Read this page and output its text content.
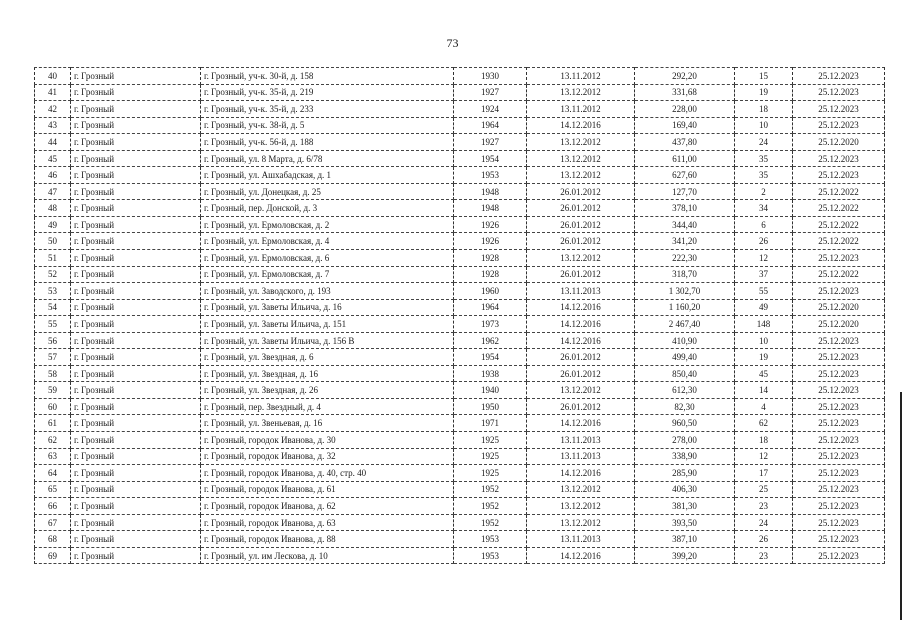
73
40	г. Грозный	г. Грозный, уч-к. 30-й, д. 158	1930	13.11.2012	292,20	15	25.12.2023
41	г. Грозный	г. Грозный, уч-к. 35-й, д. 219	1927	13.12.2012	331,68	19	25.12.2023
42	г. Грозный	г. Грозный, уч-к. 35-й, д. 233	1924	13.11.2012	228,00	18	25.12.2023
43	г. Грозный	г. Грозный, уч-к. 38-й, д. 5	1964	14.12.2016	169,40	10	25.12.2023
44	г. Грозный	г. Грозный, уч-к. 56-й, д. 188	1927	13.12.2012	437,80	24	25.12.2020
45	г. Грозный	г. Грозный, ул. 8 Марта, д. 6/78	1954	13.12.2012	611,00	35	25.12.2023
46	г. Грозный	г. Грозный, ул. Ашхабадская, д. 1	1953	13.12.2012	627,60	35	25.12.2023
47	г. Грозный	г. Грозный, ул. Донецкая, д. 25	1948	26.01.2012	127,70	2	25.12.2022
48	г. Грозный	г. Грозный, пер. Донской, д. 3	1948	26.01.2012	378,10	34	25.12.2022
49	г. Грозный	г. Грозный, ул. Ермоловская, д. 2	1926	26.01.2012	344,40	6	25.12.2022
50	г. Грозный	г. Грозный, ул. Ермоловская, д. 4	1926	26.01.2012	341,20	26	25.12.2022
51	г. Грозный	г. Грозный, ул. Ермоловская, д. 6	1928	13.12.2012	222,30	12	25.12.2023
52	г. Грозный	г. Грозный, ул. Ермоловская, д. 7	1928	26.01.2012	318,70	37	25.12.2022
53	г. Грозный	г. Грозный, ул. Заводского, д. 193	1960	13.11.2013	1 302,70	55	25.12.2023
54	г. Грозный	г. Грозный, ул. Заветы Ильича, д. 16	1964	14.12.2016	1 160,20	49	25.12.2020
55	г. Грозный	г. Грозный, ул. Заветы Ильича, д. 151	1973	14.12.2016	2 467,40	148	25.12.2020
56	г. Грозный	г. Грозный, ул. Заветы Ильича, д. 156 В	1962	14.12.2016	410,90	10	25.12.2023
57	г. Грозный	г. Грозный, ул. Звездная, д. 6	1954	26.01.2012	499,40	19	25.12.2023
58	г. Грозный	г. Грозный, ул. Звездная, д. 16	1938	26.01.2012	850,40	45	25.12.2023
59	г. Грозный	г. Грозный, ул. Звездная, д. 26	1940	13.12.2012	612,30	14	25.12.2023
60	г. Грозный	г. Грозный, пер. Звездный, д. 4	1950	26.01.2012	82,30	4	25.12.2023
61	г. Грозный	г. Грозный, ул. Звеньевая, д. 16	1971	14.12.2016	960,50	62	25.12.2023
62	г. Грозный	г. Грозный, городок Иванова, д. 30	1925	13.11.2013	278,00	18	25.12.2023
63	г. Грозный	г. Грозный, городок Иванова, д. 32	1925	13.11.2013	338,90	12	25.12.2023
64	г. Грозный	г. Грозный, городок Иванова, д. 40, стр. 40	1925	14.12.2016	285,90	17	25.12.2023
65	г. Грозный	г. Грозный, городок Иванова, д. 61	1952	13.12.2012	406,30	25	25.12.2023
66	г. Грозный	г. Грозный, городок Иванова, д. 62	1952	13.12.2012	381,30	23	25.12.2023
67	г. Грозный	г. Грозный, городок Иванова, д. 63	1952	13.12.2012	393,50	24	25.12.2023
68	г. Грозный	г. Грозный, городок Иванова, д. 88	1953	13.11.2013	387,10	26	25.12.2023
69	г. Грозный	г. Грозный, ул. им Лескова, д. 10	1953	14.12.2016	399,20	23	25.12.2023
